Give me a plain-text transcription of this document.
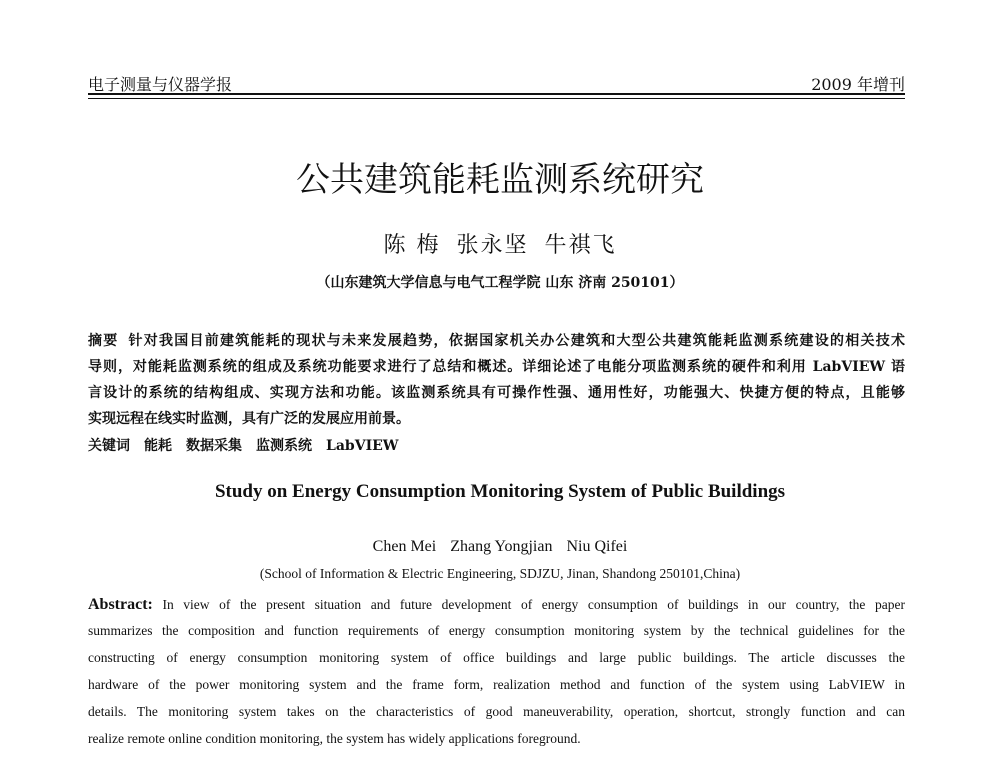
电子测量与仪器学报	2009 年增刊
公共建筑能耗监测系统研究
陈 梅 张永坚 牛祺飞
（山东建筑大学信息与电气工程学院 山东 济南 250101）
摘要 针对我国目前建筑能耗的现状与未来发展趋势，依据国家机关办公建筑和大型公共建筑能耗监测系统建设的相关技术
导则，对能耗监测系统的组成及系统功能要求进行了总结和概述。详细论述了电能分项监测系统的硬件和利用 LabVIEW 语
言设计的系统的结构组成、实现方法和功能。该监测系统具有可操作性强、通用性好，功能强大、快捷方便的特点，且能够
实现远程在线实时监测，具有广泛的发展应用前景。
关键词 能耗 数据采集 监测系统 LabVIEW
Study on Energy Consumption Monitoring System of Public Buildings
Chen Mei Zhang Yongjian Niu Qifei
(School of Information & Electric Engineering, SDJZU, Jinan, Shandong 250101,China)
Abstract: In view of the present situation and future development of energy consumption of buildings in our country, the paper
summarizes the composition and function requirements of energy consumption monitoring system by the technical guidelines for the
constructing of energy consumption monitoring system of office buildings and large public buildings. The article discusses the
hardware of the power monitoring system and the frame form, realization method and function of the system using LabVIEW in
details. The monitoring system takes on the characteristics of good maneuverability, operation, shortcut, strongly function and can
realize remote online condition monitoring, the system has widely applications foreground.
